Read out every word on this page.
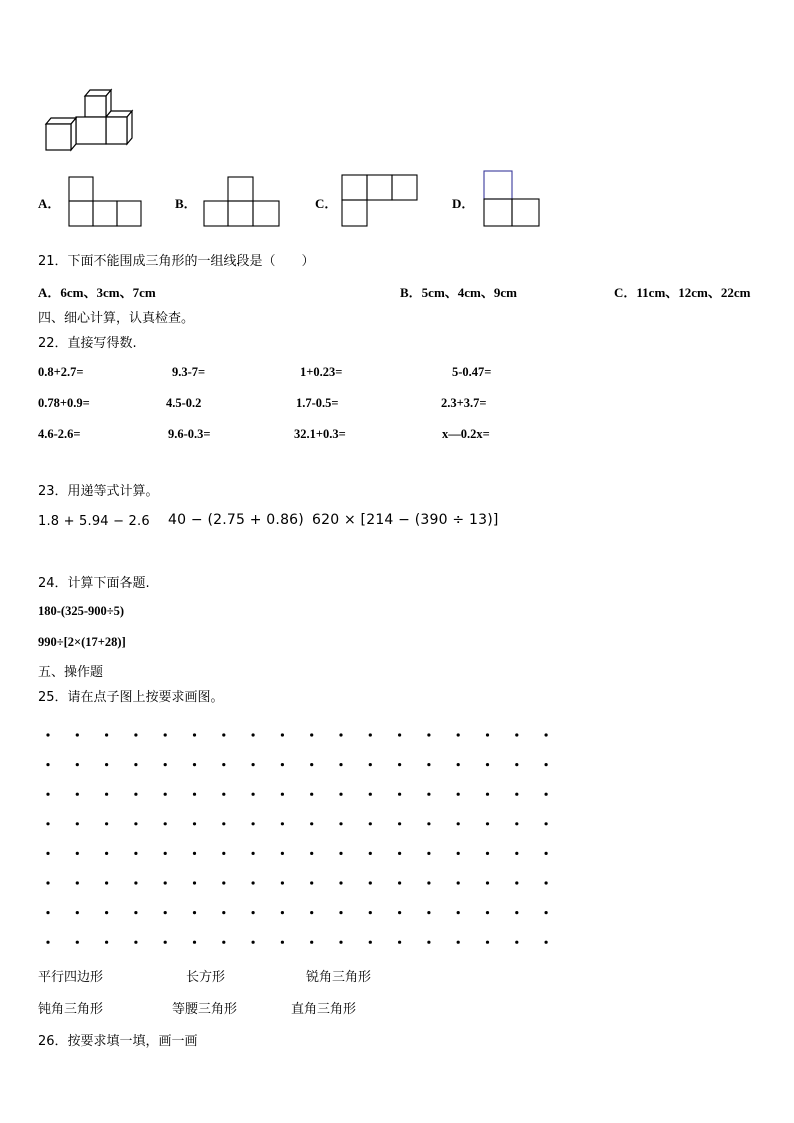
A．	B．	C．	D．
21．下面不能围成三角形的一组线段是（　　）
A．6cm、3cm、7cm	B．5cm、4cm、9cm	C．11cm、12cm、22cm
四、细心计算，认真检查。
22．直接写得数.
0.8+2.7=	9.3-7=	1+0.23=	5-0.47=
0.78+0.9=	4.5-0.2	1.7-0.5=	2.3+3.7=
4.6-2.6=	9.6-0.3=	32.1+0.3=	x—0.2x=
23．用递等式计算。
1.8 + 5.94 − 2.6 40 − (2.75 + 0.86) 620 × [214 − (390 ÷ 13)]
24．计算下面各题.
180-(325-900÷5)
990÷[2×(17+28)]
五、操作题
25．请在点子图上按要求画图。
平行四边形	长方形	锐角三角形
钝角三角形	等腰三角形	直角三角形
26．按要求填一填，画一画
